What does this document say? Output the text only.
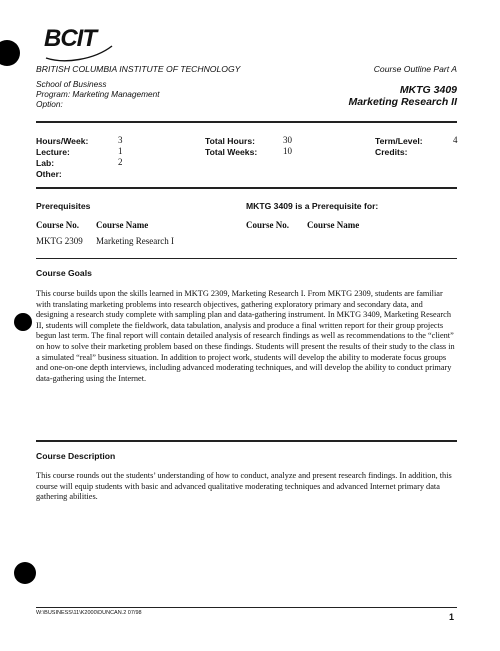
BCIT
BRITISH COLUMBIA INSTITUTE OF TECHNOLOGY
School of Business
Program: Marketing Management
Option:
Course Outline Part A
MKTG 3409
Marketing Research II
Hours/Week:	3
Lecture:	1
Lab:	2
Other:
Total Hours:	30
Total Weeks:	10
Term/Level:	4
Credits:
Prerequisites	MKTG 3409 is a Prerequisite for:
Course No. Course Name	Course No. Course Name
MKTG 2309 Marketing Research I
Course Goals
This course builds upon the skills learned in MKTG 2309, Marketing Research I. From MKTG 2309, students are familiar with translating marketing problems into research objectives, gathering exploratory primary and secondary data, and designing a research study complete with sampling plan and data-gathering instrument. In MKTG 3409, Marketing Research II, students will complete the fieldwork, data tabulation, analysis and produce a final written report for their group projects begun last term. The final report will contain detailed analysis of research findings as well as recommendations to the “client” on how to solve their marketing problem based on these findings. Students will present the results of their study to the class in a simulated “real” business situation. In addition to project work, students will develop the ability to moderate focus groups and one-on-one depth interviews, including advanced moderating techniques, and will develop the ability to conduct primary data-gathering using the Internet.
Course Description
This course rounds out the students’ understanding of how to conduct, analyze and present research findings. In addition, this course will equip students with basic and advanced qualitative moderating techniques and advanced Internet primary data gathering abilities.
W:\BUSINESS\11\K2000\DUNCAN.2 07/98	1
